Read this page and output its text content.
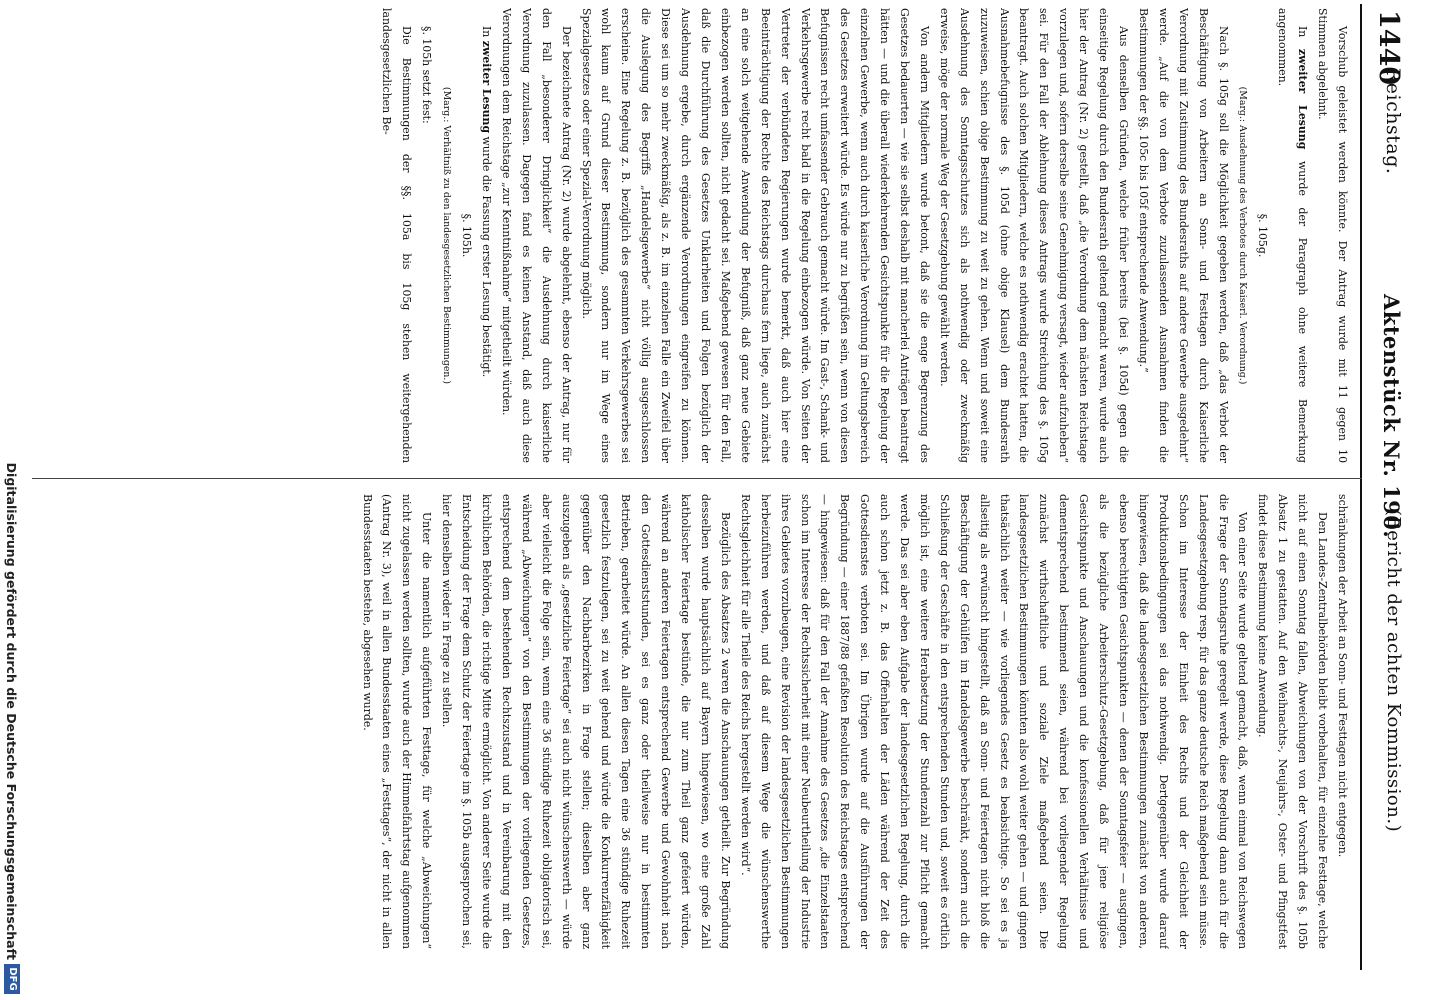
1440
Reichstag.
Aktenstück Nr. 190.
(Bericht der achten Kommission.)

Vorschub geleistet werden könnte. Der Antrag wurde mit 11 gegen 10 Stimmen abgelehnt.

In zweiter Lesung wurde der Paragraph ohne weitere Bemerkung angenommen.

§. 105g.

(Marg.: Ausdehnung des Verbotes durch Kaiserl. Verordnung.)

Nach §. 105g soll die Möglichkeit gegeben werden, daß „das Verbot der Beschäftigung von Arbeitern an Sonn- und Festtagen durch Kaiserliche Verordnung mit Zustimmung des Bundesraths auf andere Gewerbe ausgedehnt“ werde. „Auf die von dem Verbote zuzulassenden Ausnahmen finden die Bestimmungen der §§. 105c bis 105f entsprechende Anwendung.“

Aus denselben Gründen, welche früher bereits (bei §. 105d) gegen die einseitige Regelung durch den Bundesrath geltend gemacht waren, wurde auch hier der Antrag (Nr. 2) gestellt, daß „die Verordnung dem nächsten Reichstage vorzulegen und, sofern derselbe seine Genehmigung versagt, wieder aufzuheben“ sei. Für den Fall der Ablehnung dieses Antrags wurde Streichung des §. 105g beantragt. Auch solchen Mitgliedern, welche es nothwendig erachtet hatten, die Ausnahmebefugnisse des §. 105d (ohne obige Klausel) dem Bundesrath zuzuweisen, schien obige Bestimmung zu weit zu gehen. Wenn und soweit eine Ausdehnung des Sonntagsschutzes sich als nothwendig oder zweckmäßig erweise, möge der normale Weg der Gesetzgebung gewählt werden.

Von andern Mitgliedern wurde betont, daß sie die enge Begrenzung des Gesetzes bedauerten — wie sie selbst deshalb mit mancherlei Anträgen beantragt hätten — und die überall wiederkehrenden Gesichtspunkte für die Regelung der einzelnen Gewerbe, wenn auch durch kaiserliche Verordnung im Geltungsbereich des Gesetzes erweitert würde. Es würde nur zu begrüßen sein, wenn von diesen Befugnissen recht umfassender Gebrauch gemacht würde. Im Gast-, Schank- und Verkehrsgewerbe recht bald in die Regelung einbezogen würde. Von Seiten der Vertreter der verbündeten Regierungen wurde bemerkt, daß auch hier eine Beeinträchtigung der Rechte des Reichstags durchaus fern liege, auch zunächst an eine solch weitgehende Anwendung der Befugniß, daß ganz neue Gebiete einbezogen werden sollten, nicht gedacht sei. Maßgebend gewesen für den Fall, daß die Durchführung des Gesetzes Unklarheiten und Folgen bezüglich der Ausdehnung ergebe, durch ergänzende Verordnungen eingreifen zu können. Diese sei um so mehr zweckmäßig, als z. B. im einzelnen Falle ein Zweifel über die Auslegung des Begriffs „Handelsgewerbe“ nicht völlig ausgeschlossen erscheine. Eine Regelung z. B. bezüglich des gesammten Verkehrsgewerbes sei wohl kaum auf Grund dieser Bestimmung, sondern nur im Wege eines Spezialgesetzes oder einer Spezial-Verordnung möglich.

Der bezeichnete Antrag (Nr. 2) wurde abgelehnt, ebenso der Antrag, nur für den Fall „besonderer Dringlichkeit“ die Ausdehnung durch kaiserliche Verordnung zuzulassen. Dagegen fand es keinen Anstand, daß auch diese Verordnungen dem Reichstage „zur Kenntnißnahme“ mitgetheilt würden.

In zweiter Lesung wurde die Fassung erster Lesung bestätigt.

§. 105h.

(Marg.: Verhältniß zu den landesgesetzlichen Bestimmungen.)

§. 105h setzt fest:

Die Bestimmungen der §§. 105a bis 105g stehen weitergehenden landesgesetzlichen Be-

schränkungen der Arbeit an Sonn- und Festtagen nicht entgegen.

Den Landes-Zentralbehörden bleibt vorbehalten, für einzelne Festtage, welche nicht auf einen Sonntag fallen, Abweichungen von der Vorschrift des §. 105b Absatz 1 zu gestatten. Auf den Weihnachts-, Neujahrs-, Oster- und Pfingstfest findet diese Bestimmung keine Anwendung.

Von einer Seite wurde geltend gemacht, daß, wenn einmal von Reichswegen die Frage der Sonntagsruhe geregelt werde, diese Regelung dann auch für die Landesgesetzgebung resp. für das ganze deutsche Reich maßgebend sein müsse. Schon im Interesse der Einheit des Rechts und der Gleichheit der Produktionsbedingungen sei das nothwendig. Dertgegenüber wurde darauf hingewiesen, daß die landesgesetzlichen Bestimmungen zunächst von anderen, ebenso berechtigten Gesichtspunkten — denen der Sonntagsfeier — ausgingen, als die bezügliche Arbeiterschutz-Gesetzgebung, daß für jene religiöse Gesichtspunkte und Anschauungen und die konfessionellen Verhältnisse und dementsprechend bestimmend seien, während bei vorliegender Regelung zunächst wirthschaftliche und soziale Ziele maßgebend seien. Die landesgesetzlichen Bestimmungen könnten also wohl weiter gehen — und gingen thatsächlich weiter — wie vorliegendes Gesetz es beabsichtige. So sei es ja allseitig als erwünscht hingestellt, daß an Sonn- und Feiertagen nicht bloß die Beschäftigung der Gehülfen im Handelsgewerbe beschränkt, sondern auch die Schließung der Geschäfte in den entsprechenden Stunden und, soweit es örtlich möglich ist, eine weitere Herabsetzung der Stundenzahl zur Pflicht gemacht werde. Das sei aber eben Aufgabe der landesgesetzlichen Regelung, durch die auch schon jetzt z. B. das Offenhalten der Läden während der Zeit des Gottesdienstes verboten sei. Im Übrigen wurde auf die Ausführungen der Begründung — einer 1887/88 gefaßten Resolution des Reichstages entsprechend — hingewiesen: daß für den Fall der Annahme des Gesetzes „die Einzelstaaten schon im Interesse der Rechtssicherheit mit einer Neubeurtheilung der Industrie ihres Gebietes vorzubeugen, eine Revision der landesgesetzlichen Bestimmungen herbeizuführen werden, und daß auf diesem Wege die wünschenswerthe Rechtsgleichheit für alle Theile des Reichs hergestellt werden wird“.

Bezüglich des Absatzes 2 waren die Anschauungen getheilt. Zur Begründung desselben wurde hauptsächlich auf Bayern hingewiesen, wo eine große Zahl katholischer Feiertage bestünde, die nur zum Theil ganz gefeiert würden, während an anderen Feiertagen entsprechend Gewerbe und Gewohnheit nach den Gottesdienststunden, sei es ganz oder theilweise nur in bestimmten Betrieben, gearbeitet würde. An allen diesen Tagen eine 36 stündige Ruhezeit gesetzlich festzulegen, sei zu weit gehend und würde die Konkurrenzfähigkeit gegenüber den Nachbarbezirken in Frage stellen; dieselben aber ganz auszugeben als „gesetzliche Feiertage“ sei auch nicht wünschenswerth — würde aber vielleicht die Folge sein, wenn eine 36 stündige Ruhezeit obligatorisch sei, während „Abweichungen“ von den Bestimmungen der vorliegenden Gesetzes, entsprechend dem bestehenden Rechtszustand und in Vereinbarung mit den kirchlichen Behörden, die richtige Mitte ermöglicht. Von anderer Seite wurde die Entscheidung der Frage dem Schutz der Feiertage im §. 105b ausgesprochen sei, hier denselben wieder in Frage zu stellen.

Unter die namentlich aufgeführten Festtage, für welche „Abweichungen“ nicht zugelassen werden sollten, wurde auch der Himmelfahrtstag aufgenommen (Antrag Nr. 3), weil in allen Bundesstaaten eines „Festtages“, der nicht in allen Bundesstaaten bestehe, abgesehen wurde.

Digitalisierung gefördert durch die Deutsche Forschungsgemeinschaft
DFG
